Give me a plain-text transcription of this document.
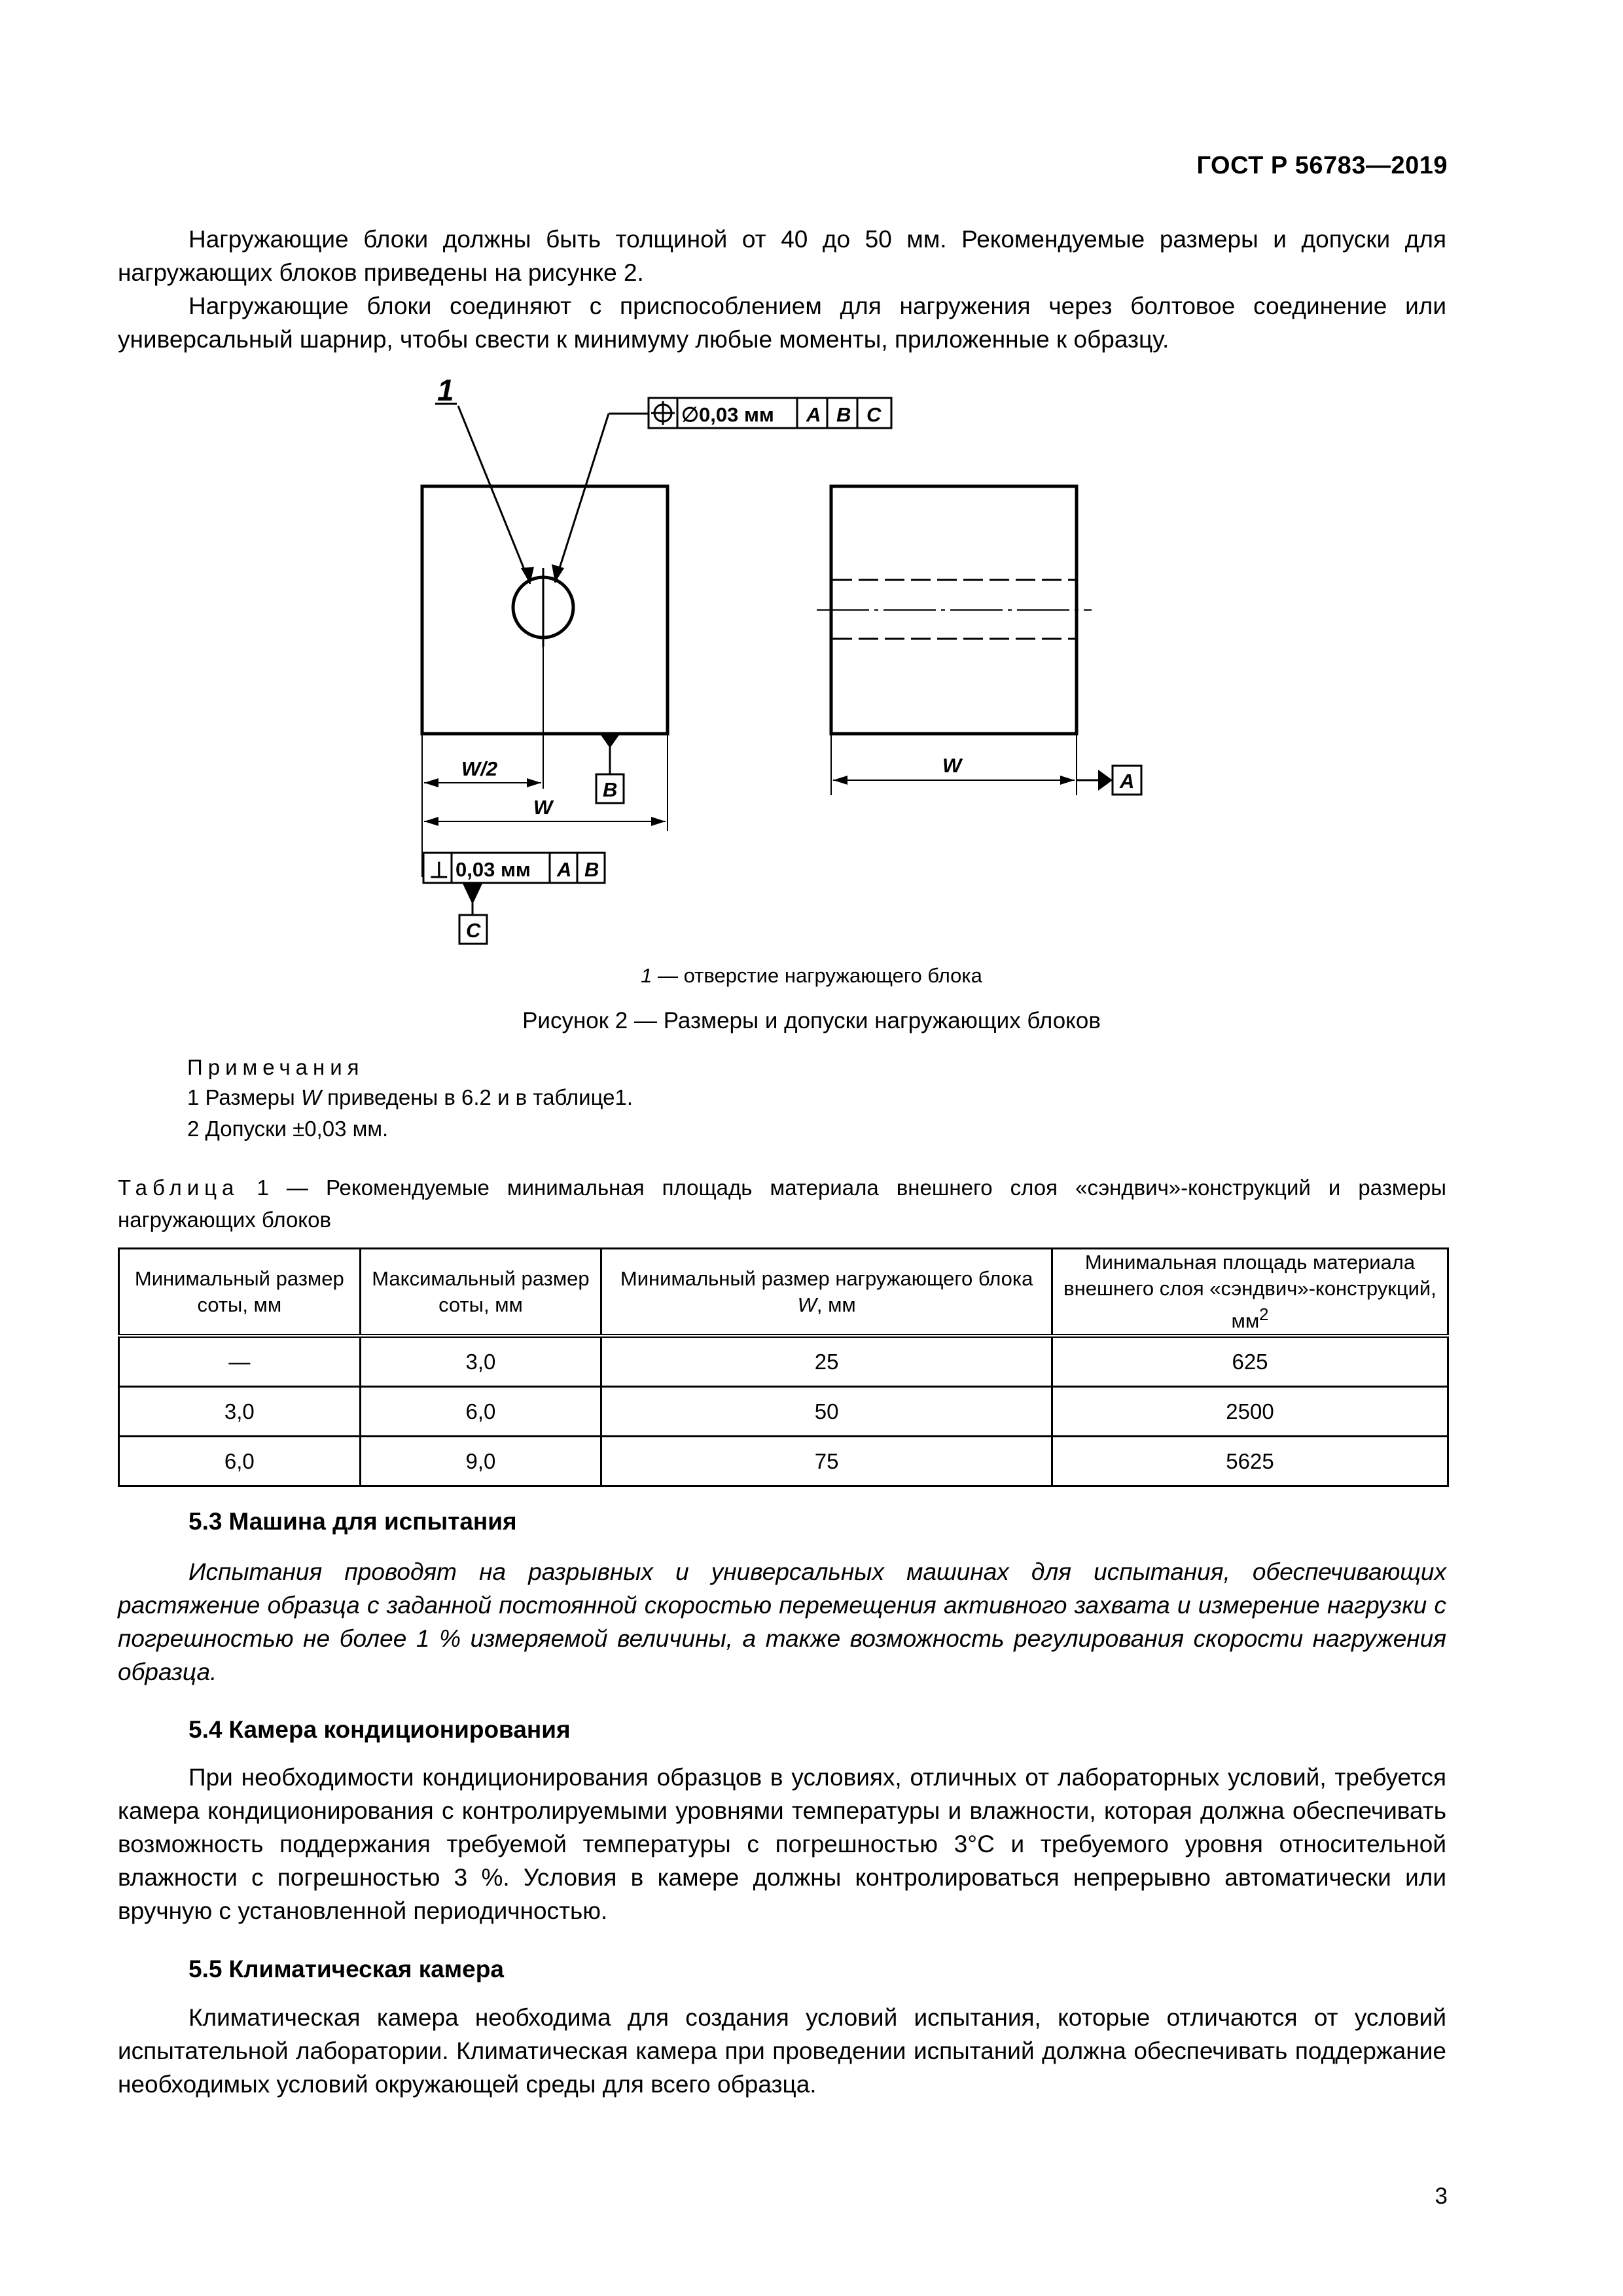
ГОСТ Р 56783—2019

Нагружающие блоки должны быть толщиной от 40 до 50 мм. Рекомендуемые размеры и допуски для нагружающих блоков приведены на рисунке 2.

Нагружающие блоки соединяют с приспособлением для нагружения через болтовое соединение или универсальный шарнир, чтобы свести к минимуму любые моменты, приложенные к образцу.

1
∅0,03 мм A B C
W/2
W
B
⊥ 0,03 мм A B
C
W
A
1 — отверстие нагружающего блока
Рисунок 2 — Размеры и допуски нагружающих блоков
Примечания
1 Размеры W приведены в 6.2 и в таблице1.
2 Допуски ±0,03 мм.

Таблица 1 — Рекомендуемые минимальная площадь материала внешнего слоя «сэндвич»-конструкций и размеры нагружающих блоков

Минимальный размер соты, мм	Максимальный размер соты, мм	Минимальный размер нагружающего блока W, мм	Минимальная площадь материала внешнего слоя «сэндвич»-конструкций, $мм^2$
—	3,0	25	625
3,0	6,0	50	2500
6,0	9,0	75	5625
5.3 Машина для испытания

Испытания проводят на разрывных и универсальных машинах для испытания, обеспечивающих растяжение образца с заданной постоянной скоростью перемещения активного захвата и измерение нагрузки с погрешностью не более 1 % измеряемой величины, а также возможность регулирования скорости нагружения образца.

5.4 Камера кондиционирования

При необходимости кондиционирования образцов в условиях, отличных от лабораторных условий, требуется камера кондиционирования с контролируемыми уровнями температуры и влажности, которая должна обеспечивать возможность поддержания требуемой температуры с погрешностью 3°С и требуемого уровня относительной влажности с погрешностью 3 %. Условия в камере должны контролироваться непрерывно автоматически или вручную с установленной периодичностью.

5.5 Климатическая камера

Климатическая камера необходима для создания условий испытания, которые отличаются от условий испытательной лаборатории. Климатическая камера при проведении испытаний должна обеспечивать поддержание необходимых условий окружающей среды для всего образца.

3
